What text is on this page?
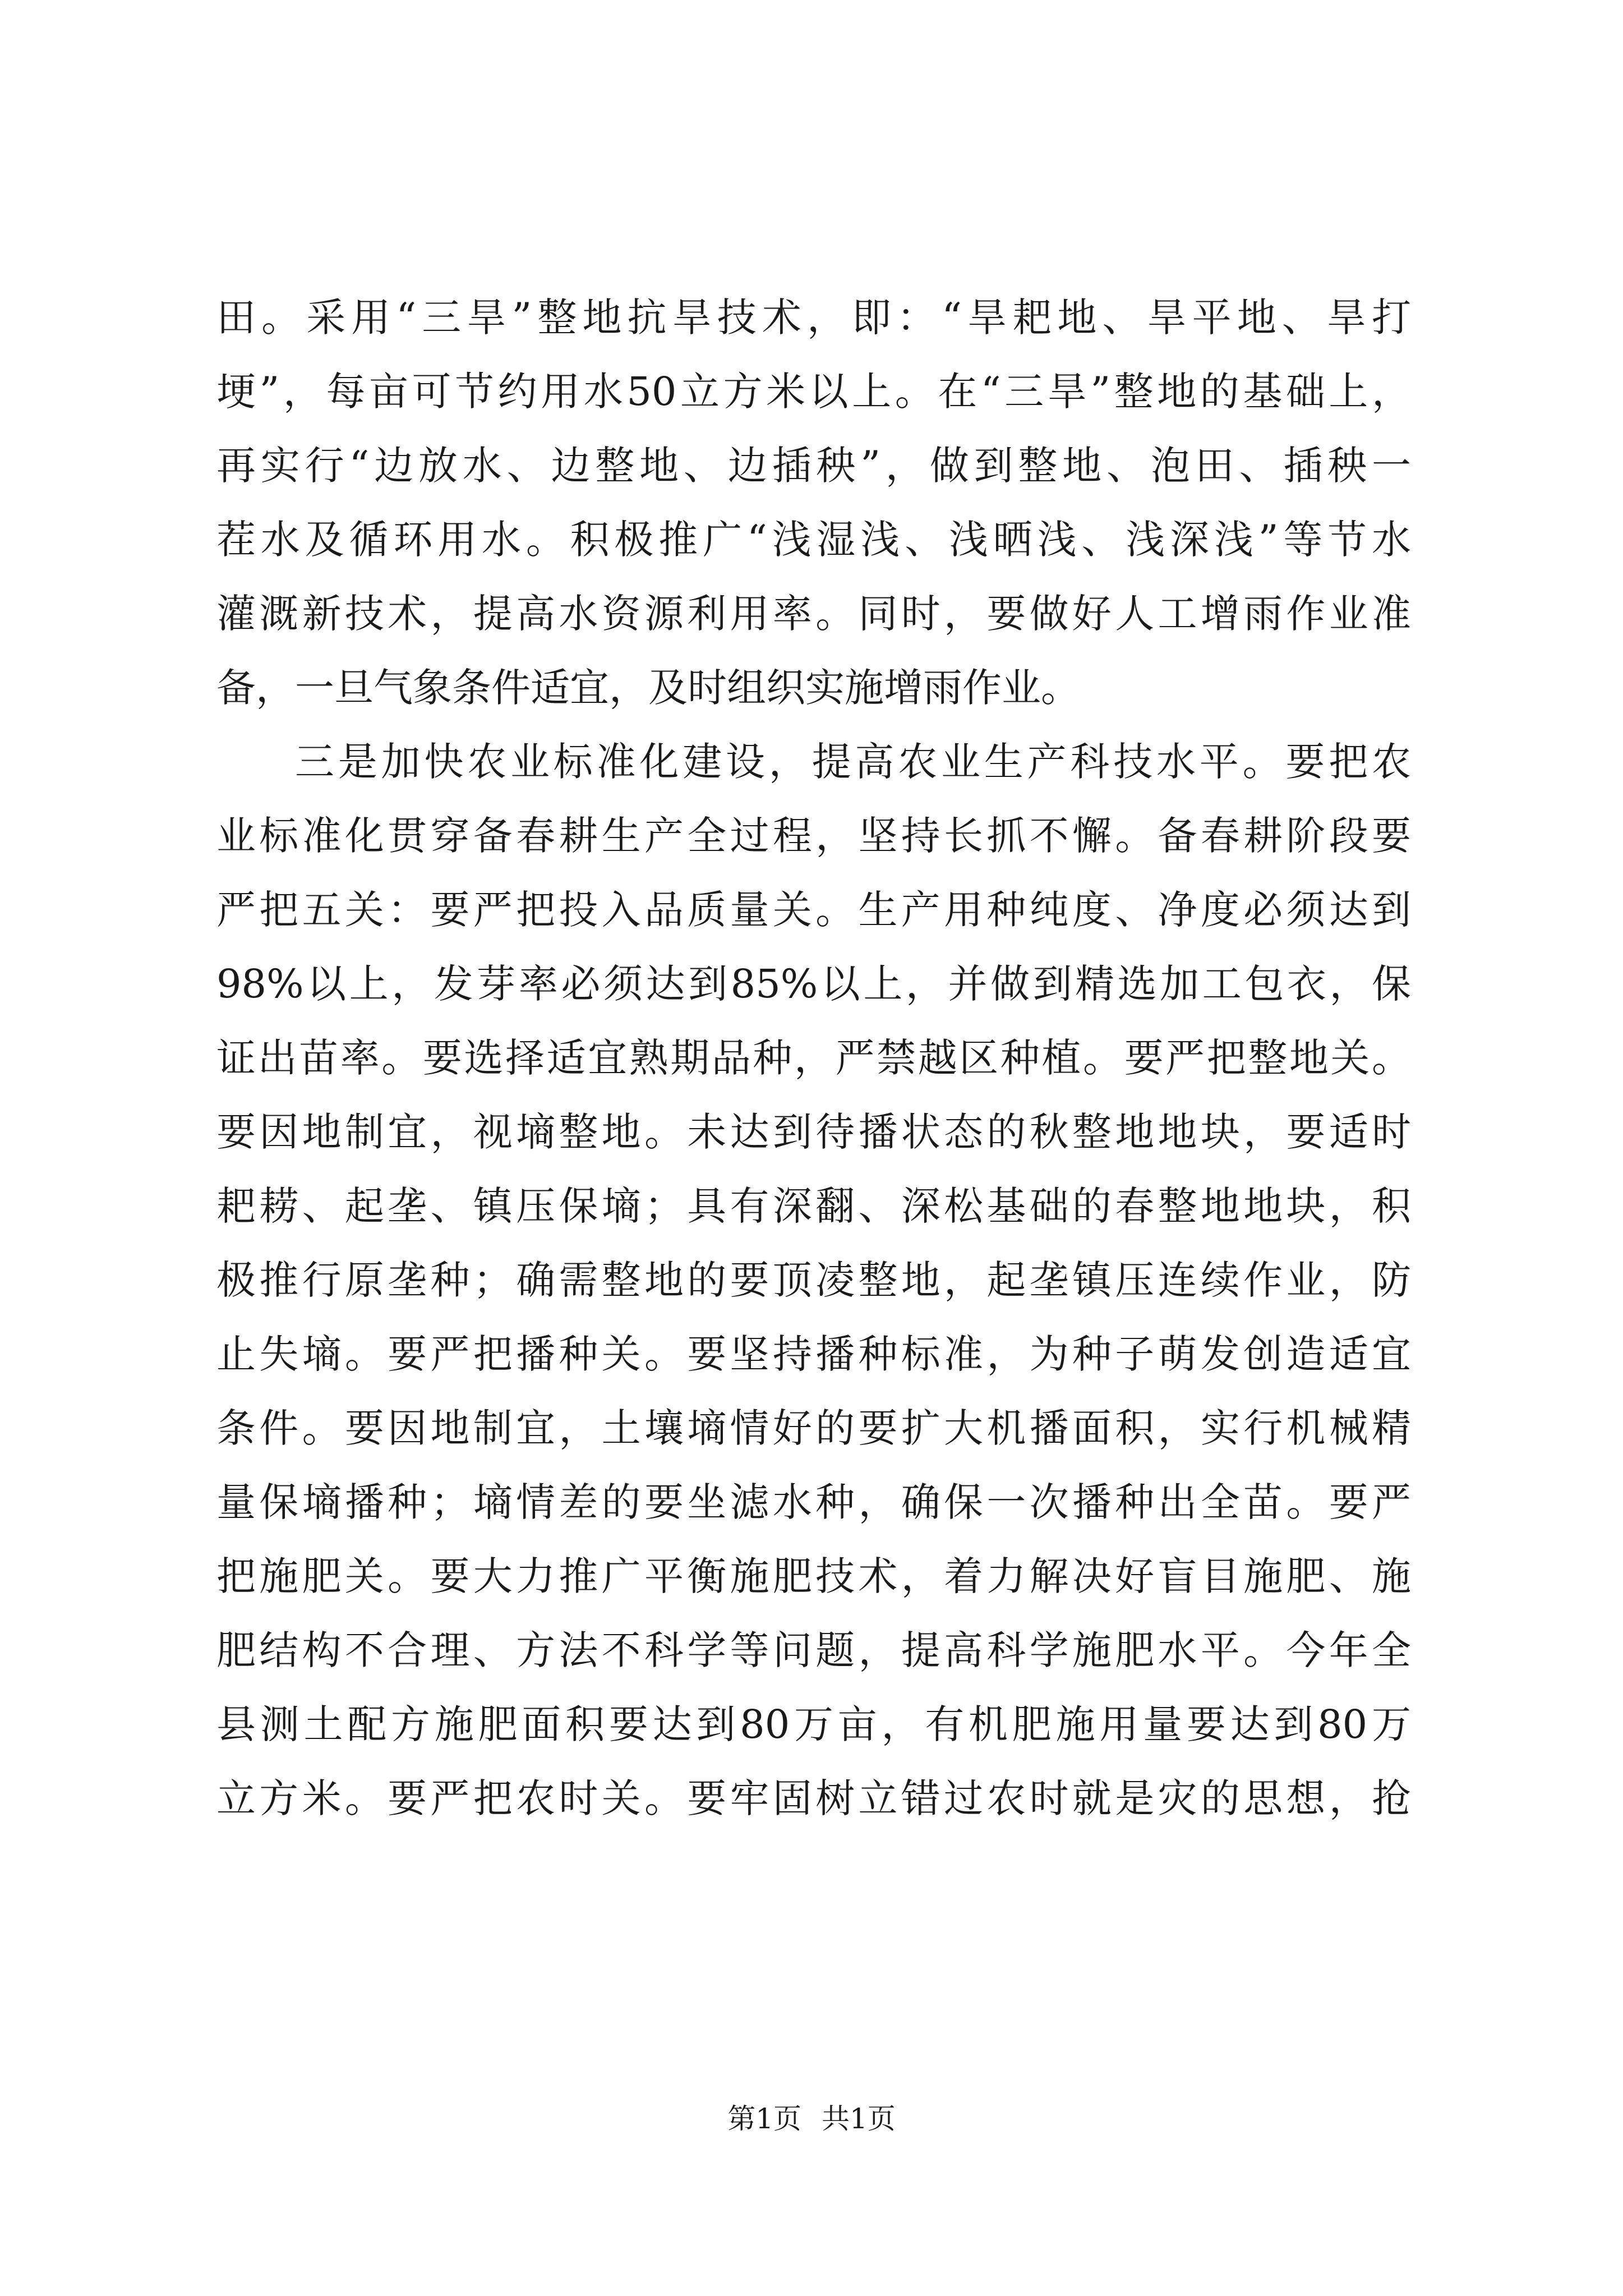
田。采用“三旱”整地抗旱技术，即：“旱耙地、旱平地、旱打
埂”，每亩可节约用水50立方米以上。在“三旱”整地的基础上，
再实行“边放水、边整地、边插秧”，做到整地、泡田、插秧一
茬水及循环用水。积极推广“浅湿浅、浅晒浅、浅深浅”等节水
灌溉新技术，提高水资源利用率。同时，要做好人工增雨作业准
备，一旦气象条件适宜，及时组织实施增雨作业。
三是加快农业标准化建设，提高农业生产科技水平。要把农
业标准化贯穿备春耕生产全过程，坚持长抓不懈。备春耕阶段要
严把五关：要严把投入品质量关。生产用种纯度、净度必须达到
98%以上，发芽率必须达到85%以上，并做到精选加工包衣，保
证出苗率。要选择适宜熟期品种，严禁越区种植。要严把整地关。
要因地制宜，视墒整地。未达到待播状态的秋整地地块，要适时
耙耢、起垄、镇压保墒；具有深翻、深松基础的春整地地块，积
极推行原垄种；确需整地的要顶凌整地，起垄镇压连续作业，防
止失墒。要严把播种关。要坚持播种标准，为种子萌发创造适宜
条件。要因地制宜，土壤墒情好的要扩大机播面积，实行机械精
量保墒播种；墒情差的要坐滤水种，确保一次播种出全苗。要严
把施肥关。要大力推广平衡施肥技术，着力解决好盲目施肥、施
肥结构不合理、方法不科学等问题，提高科学施肥水平。今年全
县测土配方施肥面积要达到80万亩，有机肥施用量要达到80万
立方米。要严把农时关。要牢固树立错过农时就是灾的思想，抢
第1页 共1页
